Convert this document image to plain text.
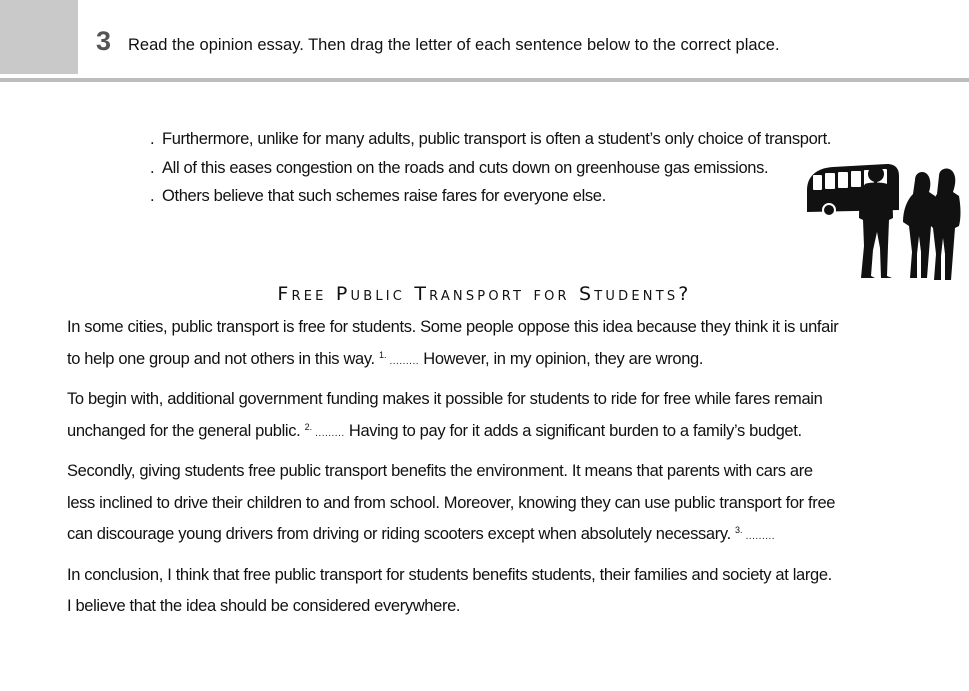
3 Read the opinion essay. Then drag the letter of each sentence below to the correct place.
. Furthermore, unlike for many adults, public transport is often a student’s only choice of transport.
. All of this eases congestion on the roads and cuts down on greenhouse gas emissions.
. Others believe that such schemes raise fares for everyone else.
Free Public Transport for Students?
In some cities, public transport is free for students. Some people oppose this idea because they think it is unfair
to help one group and not others in this way. 1.......... However, in my opinion, they are wrong.
To begin with, additional government funding makes it possible for students to ride for free while fares remain
unchanged for the general public. 2.......... Having to pay for it adds a significant burden to a family’s budget.
Secondly, giving students free public transport benefits the environment. It means that parents with cars are
less inclined to drive their children to and from school. Moreover, knowing they can use public transport for free
can discourage young drivers from driving or riding scooters except when absolutely necessary. 3..........
In conclusion, I think that free public transport for students benefits students, their families and society at large.
I believe that the idea should be considered everywhere.
